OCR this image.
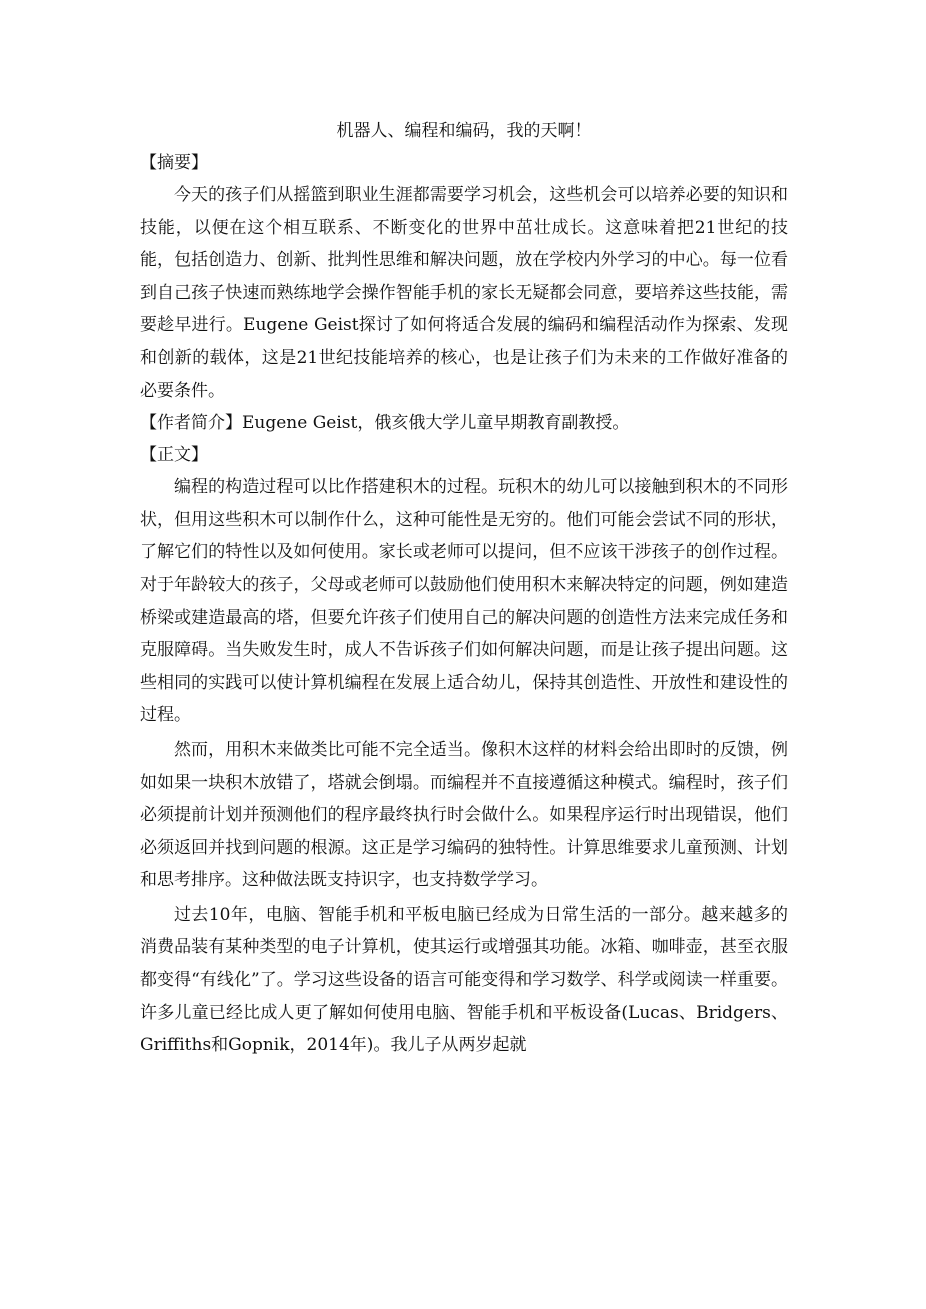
机器人、编程和编码，我的天啊！
【摘要】

今天的孩子们从摇篮到职业生涯都需要学习机会，这些机会可以培养必要的知识和技能，以便在这个相互联系、不断变化的世界中茁壮成长。这意味着把21世纪的技能，包括创造力、创新、批判性思维和解决问题，放在学校内外学习的中心。每一位看到自己孩子快速而熟练地学会操作智能手机的家长无疑都会同意，要培养这些技能，需要趁早进行。Eugene Geist探讨了如何将适合发展的编码和编程活动作为探索、发现和创新的载体，这是21世纪技能培养的核心，也是让孩子们为未来的工作做好准备的必要条件。

【作者简介】Eugene Geist，俄亥俄大学儿童早期教育副教授。
【正文】

编程的构造过程可以比作搭建积木的过程。玩积木的幼儿可以接触到积木的不同形状，但用这些积木可以制作什么，这种可能性是无穷的。他们可能会尝试不同的形状，了解它们的特性以及如何使用。家长或老师可以提问，但不应该干涉孩子的创作过程。对于年龄较大的孩子，父母或老师可以鼓励他们使用积木来解决特定的问题，例如建造桥梁或建造最高的塔，但要允许孩子们使用自己的解决问题的创造性方法来完成任务和克服障碍。当失败发生时，成人不告诉孩子们如何解决问题，而是让孩子提出问题。这些相同的实践可以使计算机编程在发展上适合幼儿，保持其创造性、开放性和建设性的过程。

然而，用积木来做类比可能不完全适当。像积木这样的材料会给出即时的反馈，例如如果一块积木放错了，塔就会倒塌。而编程并不直接遵循这种模式。编程时，孩子们必须提前计划并预测他们的程序最终执行时会做什么。如果程序运行时出现错误，他们必须返回并找到问题的根源。这正是学习编码的独特性。计算思维要求儿童预测、计划和思考排序。这种做法既支持识字，也支持数学学习。

过去10年，电脑、智能手机和平板电脑已经成为日常生活的一部分。越来越多的消费品装有某种类型的电子计算机，使其运行或增强其功能。冰箱、咖啡壶，甚至衣服都变得“有线化”了。学习这些设备的语言可能变得和学习数学、科学或阅读一样重要。许多儿童已经比成人更了解如何使用电脑、智能手机和平板设备(Lucas、Bridgers、Griffiths和Gopnik，2014年)。我儿子从两岁起就
